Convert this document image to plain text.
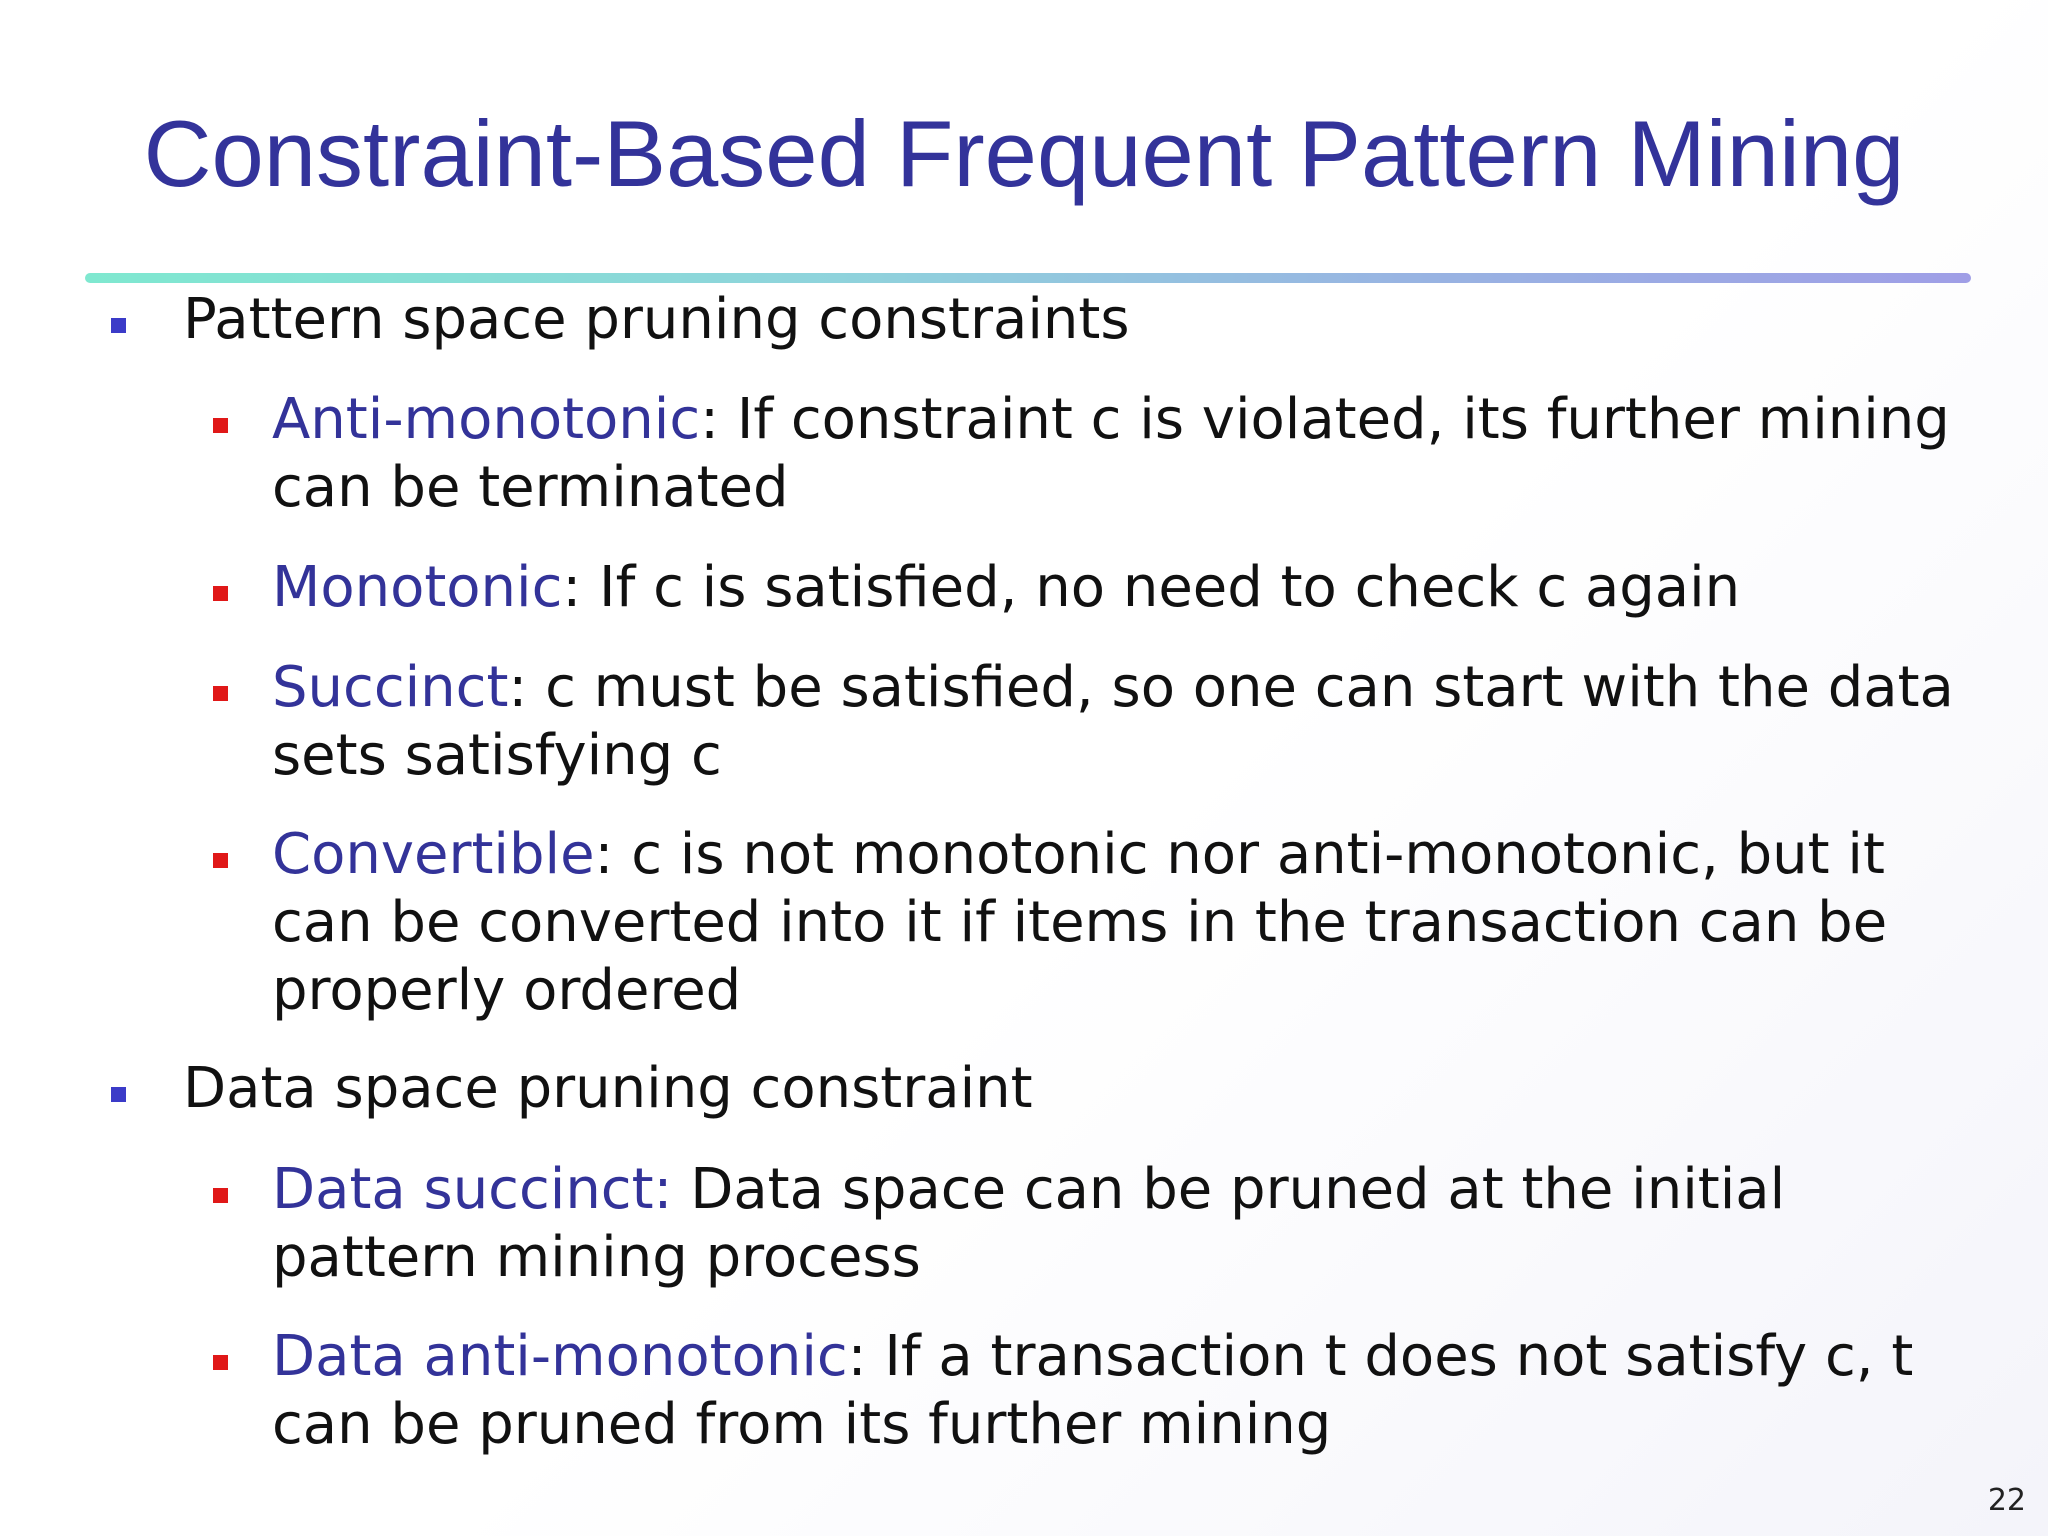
Constraint-Based Frequent Pattern Mining
Pattern space pruning constraints
Anti-monotonic: If constraint c is violated, its further mining can be terminated
Monotonic: If c is satisfied, no need to check c again
Succinct: c must be satisfied, so one can start with the data sets satisfying c
Convertible: c is not monotonic nor anti-monotonic, but it can be converted into it if items in the transaction can be properly ordered
Data space pruning constraint
Data succinct: Data space can be pruned at the initial pattern mining process
Data anti-monotonic: If a transaction t does not satisfy c, t can be pruned from its further mining
22
